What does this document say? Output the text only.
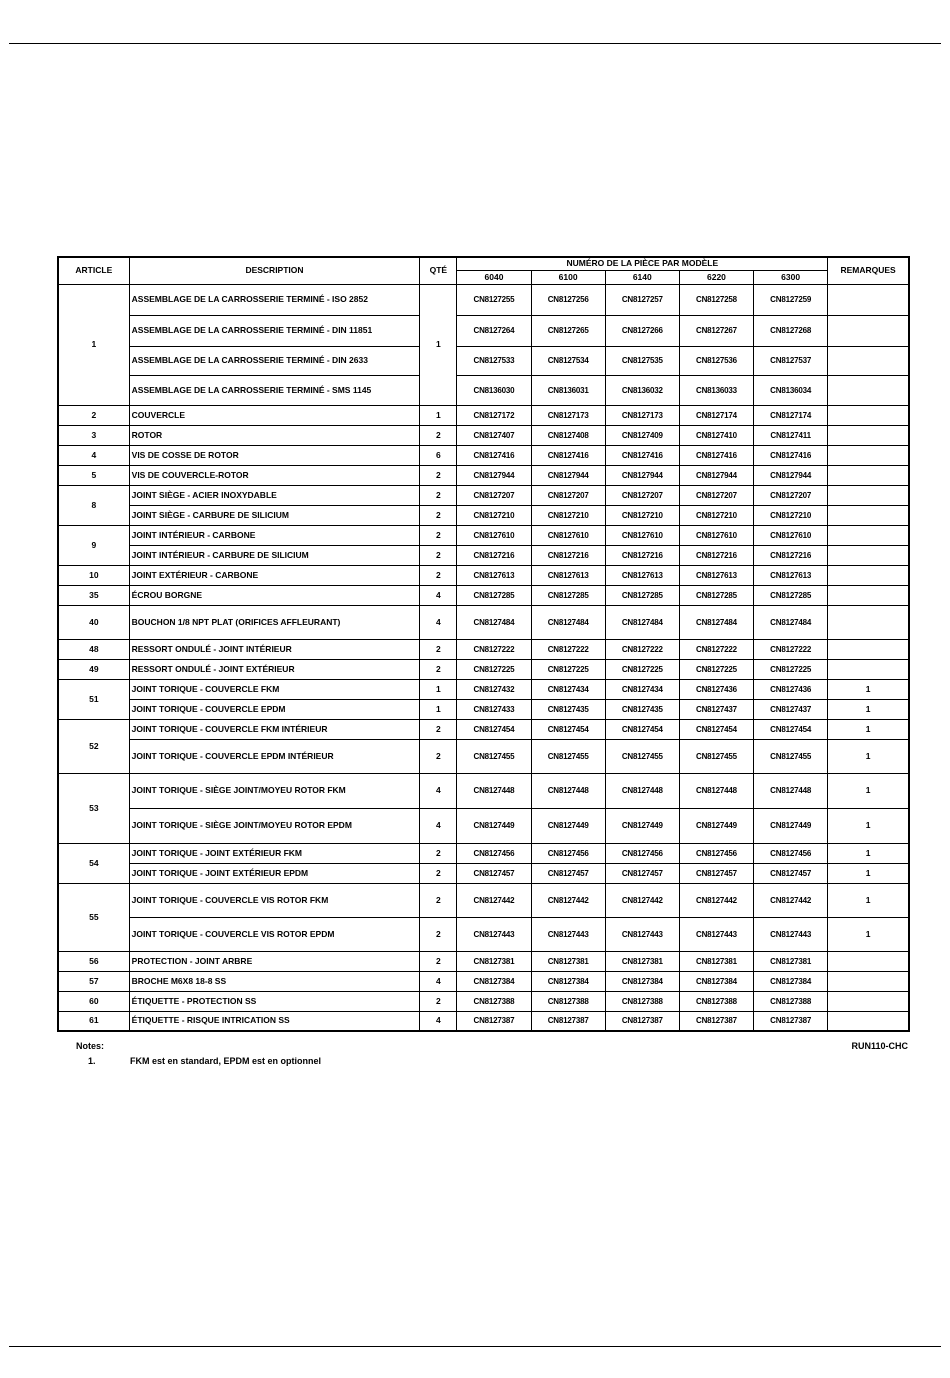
ARTICLE	DESCRIPTION	QTÉ	NUMÉRO DE LA PIÈCE PAR MODÈLE					REMARQUES
			6040	6100	6140	6220	6300	
1	ASSEMBLAGE DE LA CARROSSERIE TERMINÉ - ISO 2852	1	CN8127255	CN8127256	CN8127257	CN8127258	CN8127259	
	ASSEMBLAGE DE LA CARROSSERIE TERMINÉ - DIN 11851		CN8127264	CN8127265	CN8127266	CN8127267	CN8127268	
	ASSEMBLAGE DE LA CARROSSERIE TERMINÉ - DIN 2633		CN8127533	CN8127534	CN8127535	CN8127536	CN8127537	
	ASSEMBLAGE DE LA CARROSSERIE TERMINÉ - SMS 1145		CN8136030	CN8136031	CN8136032	CN8136033	CN8136034	
2	COUVERCLE	1	CN8127172	CN8127173	CN8127173	CN8127174	CN8127174	
3	ROTOR	2	CN8127407	CN8127408	CN8127409	CN8127410	CN8127411	
4	VIS DE COSSE DE ROTOR	6	CN8127416	CN8127416	CN8127416	CN8127416	CN8127416	
5	VIS DE COUVERCLE-ROTOR	2	CN8127944	CN8127944	CN8127944	CN8127944	CN8127944	
8	JOINT SIÈGE - ACIER INOXYDABLE	2	CN8127207	CN8127207	CN8127207	CN8127207	CN8127207	
	JOINT SIÈGE - CARBURE DE SILICIUM	2	CN8127210	CN8127210	CN8127210	CN8127210	CN8127210	
9	JOINT INTÉRIEUR - CARBONE	2	CN8127610	CN8127610	CN8127610	CN8127610	CN8127610	
	JOINT INTÉRIEUR - CARBURE DE SILICIUM	2	CN8127216	CN8127216	CN8127216	CN8127216	CN8127216	
10	JOINT EXTÉRIEUR - CARBONE	2	CN8127613	CN8127613	CN8127613	CN8127613	CN8127613	
35	ÉCROU BORGNE	4	CN8127285	CN8127285	CN8127285	CN8127285	CN8127285	
40	BOUCHON 1/8 NPT PLAT (ORIFICES AFFLEURANT)	4	CN8127484	CN8127484	CN8127484	CN8127484	CN8127484	
48	RESSORT ONDULÉ - JOINT INTÉRIEUR	2	CN8127222	CN8127222	CN8127222	CN8127222	CN8127222	
49	RESSORT ONDULÉ - JOINT EXTÉRIEUR	2	CN8127225	CN8127225	CN8127225	CN8127225	CN8127225	
51	JOINT TORIQUE - COUVERCLE FKM	1	CN8127432	CN8127434	CN8127434	CN8127436	CN8127436	1
	JOINT TORIQUE - COUVERCLE EPDM	1	CN8127433	CN8127435	CN8127435	CN8127437	CN8127437	1
52	JOINT TORIQUE - COUVERCLE FKM INTÉRIEUR	2	CN8127454	CN8127454	CN8127454	CN8127454	CN8127454	1
	JOINT TORIQUE - COUVERCLE EPDM INTÉRIEUR	2	CN8127455	CN8127455	CN8127455	CN8127455	CN8127455	1
53	JOINT TORIQUE - SIÈGE JOINT/MOYEU ROTOR FKM	4	CN8127448	CN8127448	CN8127448	CN8127448	CN8127448	1
	JOINT TORIQUE - SIÈGE JOINT/MOYEU ROTOR EPDM	4	CN8127449	CN8127449	CN8127449	CN8127449	CN8127449	1
54	JOINT TORIQUE - JOINT EXTÉRIEUR FKM	2	CN8127456	CN8127456	CN8127456	CN8127456	CN8127456	1
	JOINT TORIQUE - JOINT EXTÉRIEUR EPDM	2	CN8127457	CN8127457	CN8127457	CN8127457	CN8127457	1
55	JOINT TORIQUE - COUVERCLE VIS ROTOR FKM	2	CN8127442	CN8127442	CN8127442	CN8127442	CN8127442	1
	JOINT TORIQUE - COUVERCLE VIS ROTOR EPDM	2	CN8127443	CN8127443	CN8127443	CN8127443	CN8127443	1
56	PROTECTION - JOINT ARBRE	2	CN8127381	CN8127381	CN8127381	CN8127381	CN8127381	
57	BROCHE M6X8 18-8 SS	4	CN8127384	CN8127384	CN8127384	CN8127384	CN8127384	
60	ÉTIQUETTE - PROTECTION SS	2	CN8127388	CN8127388	CN8127388	CN8127388	CN8127388	
61	ÉTIQUETTE - RISQUE INTRICATION SS	4	CN8127387	CN8127387	CN8127387	CN8127387	CN8127387	
Notes:	RUN110-CHC
1.	FKM est en standard, EPDM est en optionnel
